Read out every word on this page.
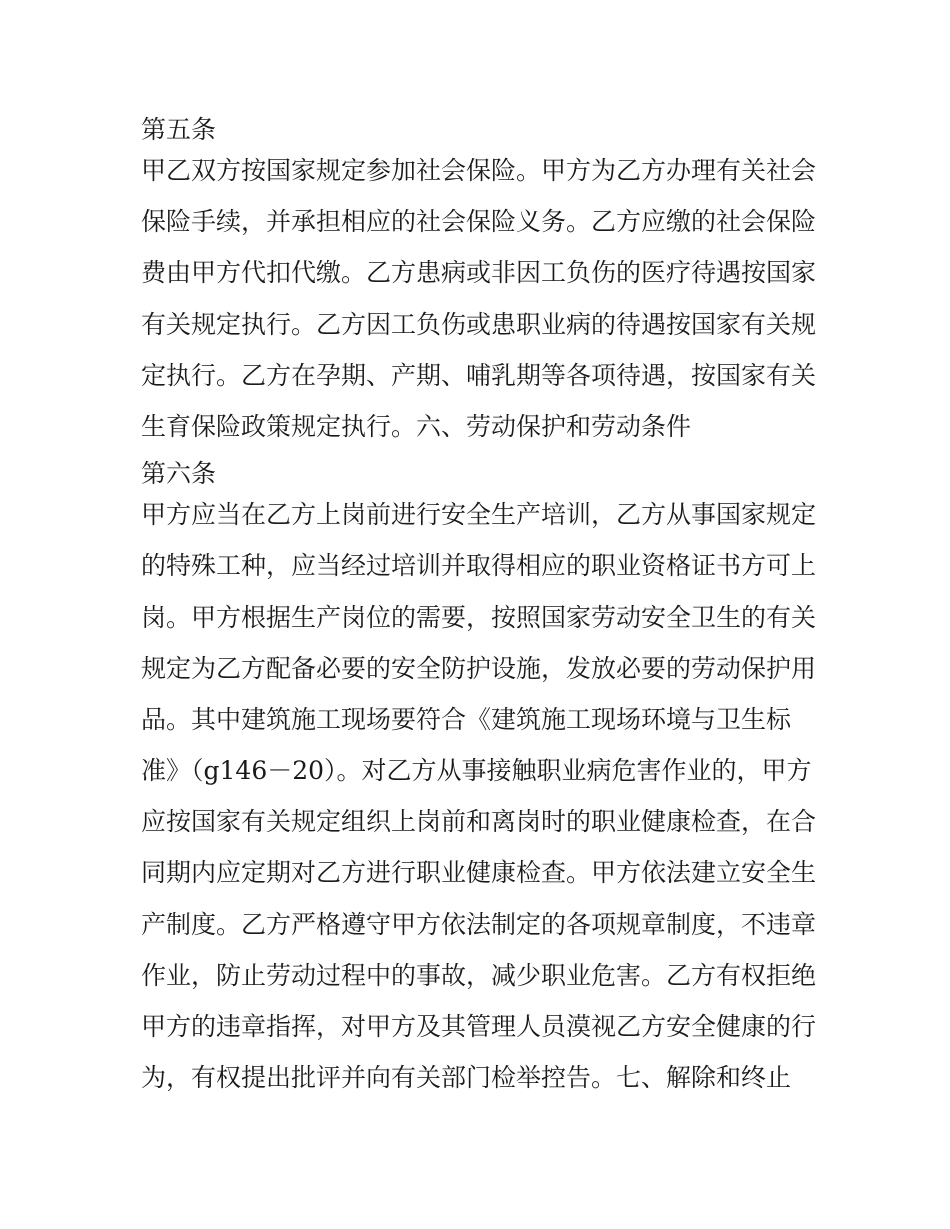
第五条
甲乙双方按国家规定参加社会保险。甲方为乙方办理有关社会
保险手续，并承担相应的社会保险义务。乙方应缴的社会保险
费由甲方代扣代缴。乙方患病或非因工负伤的医疗待遇按国家
有关规定执行。乙方因工负伤或患职业病的待遇按国家有关规
定执行。乙方在孕期、产期、哺乳期等各项待遇，按国家有关
生育保险政策规定执行。六、劳动保护和劳动条件
第六条
甲方应当在乙方上岗前进行安全生产培训，乙方从事国家规定
的特殊工种，应当经过培训并取得相应的职业资格证书方可上
岗。甲方根据生产岗位的需要，按照国家劳动安全卫生的有关
规定为乙方配备必要的安全防护设施，发放必要的劳动保护用
品。其中建筑施工现场要符合《建筑施工现场环境与卫生标
准》（g146－20）。对乙方从事接触职业病危害作业的，甲方
应按国家有关规定组织上岗前和离岗时的职业健康检查，在合
同期内应定期对乙方进行职业健康检查。甲方依法建立安全生
产制度。乙方严格遵守甲方依法制定的各项规章制度，不违章
作业，防止劳动过程中的事故，减少职业危害。乙方有权拒绝
甲方的违章指挥，对甲方及其管理人员漠视乙方安全健康的行
为，有权提出批评并向有关部门检举控告。七、解除和终止
